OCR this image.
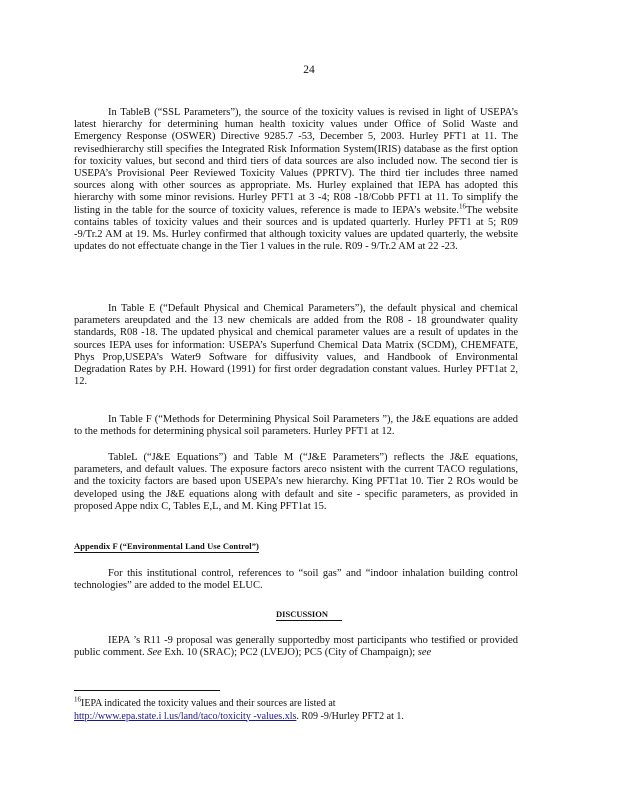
24

In TableB (“SSL Parameters”), the source of the toxicity values is revised in light of USEPA’s latest hierarchy for determining human health toxicity values under Office of Solid Waste and Emergency Response (OSWER) Directive 9285.7 -53, December 5, 2003. Hurley PFT1 at 11. The revisedhierarchy still specifies the Integrated Risk Information System(IRIS) database as the first option for toxicity values, but second and third tiers of data sources are also included now. The second tier is USEPA’s Provisional Peer Reviewed Toxicity Values (PPRTV). The third tier includes three named sources along with other sources as appropriate. Ms. Hurley explained that IEPA has adopted this hierarchy with some minor revisions. Hurley PFT1 at 3 -4; R08 -18/Cobb PFT1 at 11. To simplify the listing in the table for the source of toxicity values, reference is made to IEPA’s website.$^{16}$The website contains tables of toxicity values and their sources and is updated quarterly. Hurley PFT1 at 5; R09 -9/Tr.2 AM at 19. Ms. Hurley confirmed that although toxicity values are updated quarterly, the website updates do not effectuate change in the Tier 1 values in the rule. R09 - 9/Tr.2 AM at 22 -23.

In Table E (“Default Physical and Chemical Parameters”), the default physical and chemical parameters areupdated and the 13 new chemicals are added from the R08 - 18 groundwater quality standards, R08 -18. The updated physical and chemical parameter values are a result of updates in the sources IEPA uses for information: USEPA’s Superfund Chemical Data Matrix (SCDM), CHEMFATE, Phys Prop,USEPA’s Water9 Software for diffusivity values, and Handbook of Environmental Degradation Rates by P.H. Howard (1991) for first order degradation constant values. Hurley PFT1at 2, 12.

In Table F (“Methods for Determining Physical Soil Parameters ”), the J&E equations are added to the methods for determining physical soil parameters. Hurley PFT1 at 12.

TableL (“J&E Equations”) and Table M (“J&E Parameters”) reflects the J&E equations, parameters, and default values. The exposure factors areco nsistent with the current TACO regulations, and the toxicity factors are based upon USEPA’s new hierarchy. King PFT1at 10. Tier 2 ROs would be developed using the J&E equations along with default and site - specific parameters, as provided in proposed Appe ndix C, Tables E,L, and M. King PFT1at 15.

Appendix F (“Environmental Land Use Control”)

For this institutional control, references to “soil gas” and “indoor inhalation building control technologies” are added to the model ELUC.

DISCUSSION

IEPA ’s R11 -9 proposal was generally supportedby most participants who testified or provided public comment. See Exh. 10 (SRAC); PC2 (LVEJO); PC5 (City of Champaign); see

$^{16}$IEPA indicated the toxicity values and their sources are listed at
http://www.epa.state.i l.us/land/taco/toxicity -values.xls. R09 -9/Hurley PFT2 at 1.
